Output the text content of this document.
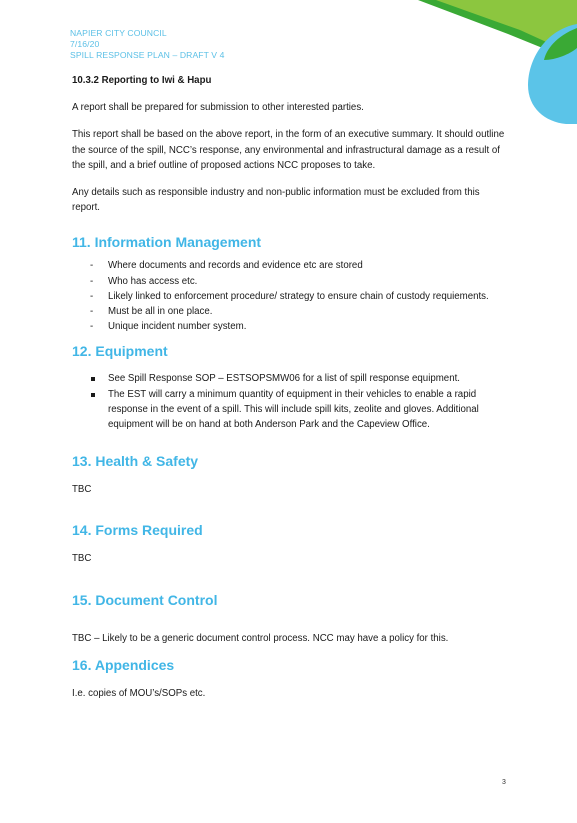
NAPIER CITY COUNCIL
7/16/20
SPILL RESPONSE PLAN – DRAFT V 4

10.3.2 Reporting to Iwi & Hapu

A report shall be prepared for submission to other interested parties.

This report shall be based on the above report, in the form of an executive summary. It should outline the source of the spill, NCC’s response, any environmental and infrastructural damage as a result of the spill, and a brief outline of proposed actions NCC proposes to take.

Any details such as responsible industry and non-public information must be excluded from this report.

11. Information Management
- Where documents and records and evidence etc are stored
- Who has access etc.
- Likely linked to enforcement procedure/ strategy to ensure chain of custody requiements.
- Must be all in one place.
- Unique incident number system.
12. Equipment
See Spill Response SOP – ESTSOPSMW06 for a list of spill response equipment.
The EST will carry a minimum quantity of equipment in their vehicles to enable a rapid response in the event of a spill. This will include spill kits, zeolite and gloves. Additional equipment will be on hand at both Anderson Park and the Capeview Office.
13. Health & Safety

TBC

14. Forms Required

TBC

15. Document Control

TBC – Likely to be a generic document control process. NCC may have a policy for this.

16. Appendices

I.e. copies of MOU’s/SOPs etc.

3
